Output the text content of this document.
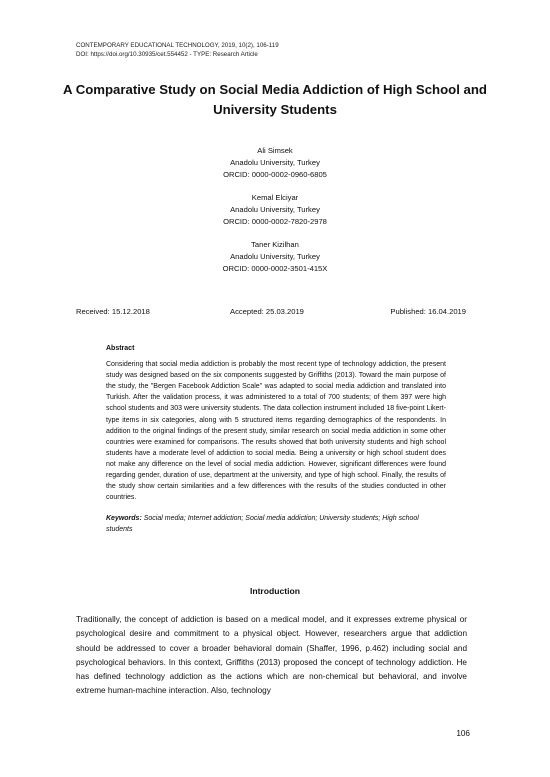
CONTEMPORARY EDUCATIONAL TECHNOLOGY, 2019, 10(2), 106-119
DOI: https://doi.org/10.30935/cet.554452 - TYPE: Research Article
A Comparative Study on Social Media Addiction of High School and University Students
Ali Simsek
Anadolu University, Turkey
ORCID: 0000-0002-0960-6805
Kemal Elciyar
Anadolu University, Turkey
ORCID: 0000-0002-7820-2978
Taner Kizilhan
Anadolu University, Turkey
ORCID: 0000-0002-3501-415X
Received: 15.12.2018	Accepted: 25.03.2019	Published: 16.04.2019
Abstract

Considering that social media addiction is probably the most recent type of technology addiction, the present study was designed based on the six components suggested by Griffiths (2013). Toward the main purpose of the study, the "Bergen Facebook Addiction Scale" was adapted to social media addiction and translated into Turkish. After the validation process, it was administered to a total of 700 students; of them 397 were high school students and 303 were university students. The data collection instrument included 18 five-point Likert-type items in six categories, along with 5 structured items regarding demographics of the respondents. In addition to the original findings of the present study, similar research on social media addiction in some other countries were examined for comparisons. The results showed that both university students and high school students have a moderate level of addiction to social media. Being a university or high school student does not make any difference on the level of social media addiction. However, significant differences were found regarding gender, duration of use, department at the university, and type of high school. Finally, the results of the study show certain similarities and a few differences with the results of the studies conducted in other countries.

Keywords: Social media; Internet addiction; Social media addiction; University students; High school students
Introduction

Traditionally, the concept of addiction is based on a medical model, and it expresses extreme physical or psychological desire and commitment to a physical object. However, researchers argue that addiction should be addressed to cover a broader behavioral domain (Shaffer, 1996, p.462) including social and psychological behaviors. In this context, Griffiths (2013) proposed the concept of technology addiction. He has defined technology addiction as the actions which are non-chemical but behavioral, and involve extreme human-machine interaction. Also, technology

106
